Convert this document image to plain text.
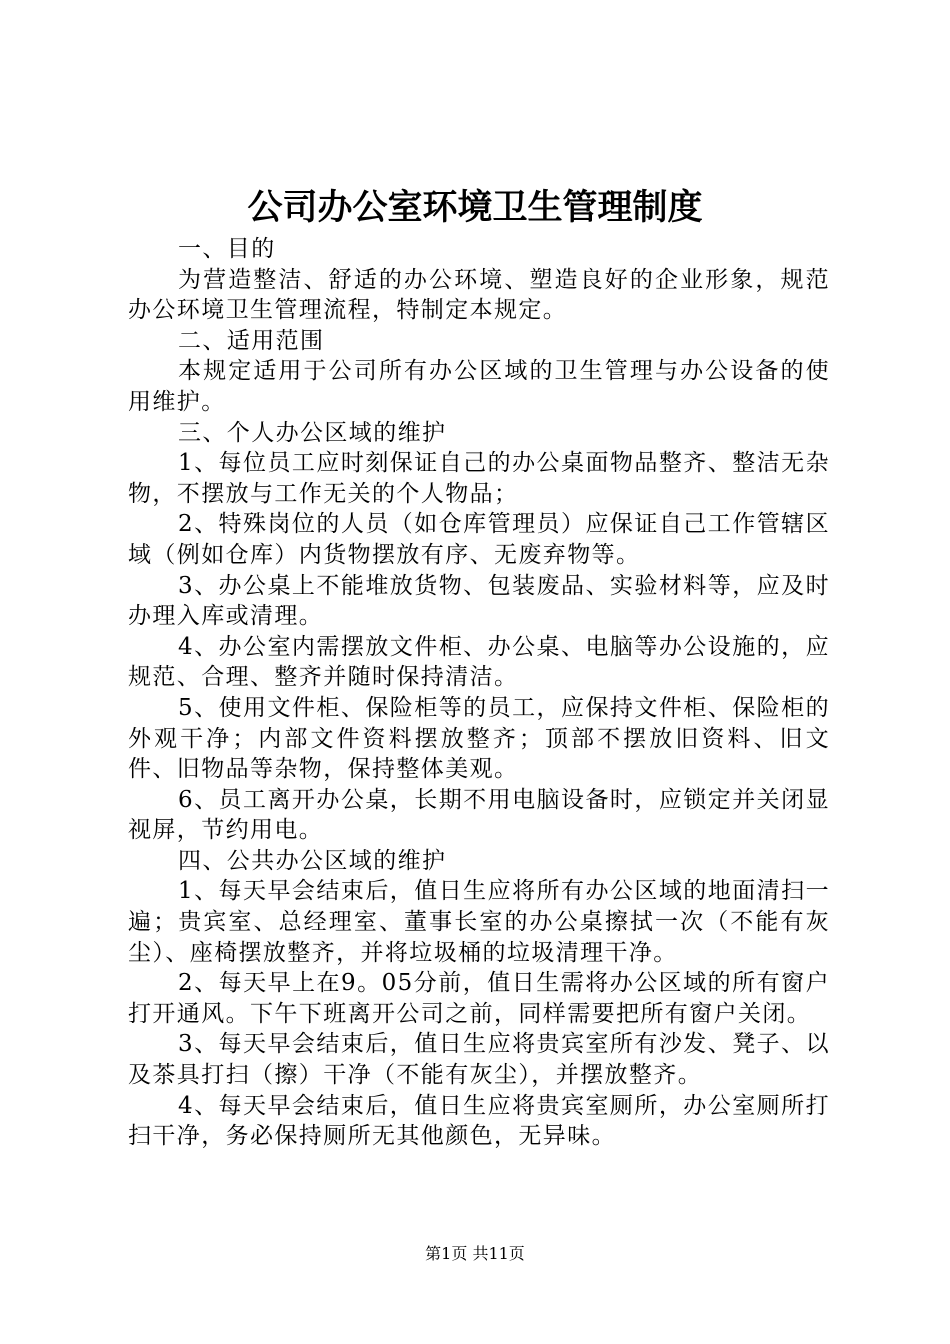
公司办公室环境卫生管理制度

一、目的

为营造整洁、舒适的办公环境、塑造良好的企业形象，规范办公环境卫生管理流程，特制定本规定。

二、适用范围

本规定适用于公司所有办公区域的卫生管理与办公设备的使用维护。

三、个人办公区域的维护

1、每位员工应时刻保证自己的办公桌面物品整齐、整洁无杂物，不摆放与工作无关的个人物品；

2、特殊岗位的人员（如仓库管理员）应保证自己工作管辖区域（例如仓库）内货物摆放有序、无废弃物等。

3、办公桌上不能堆放货物、包装废品、实验材料等，应及时办理入库或清理。

4、办公室内需摆放文件柜、办公桌、电脑等办公设施的，应规范、合理、整齐并随时保持清洁。

5、使用文件柜、保险柜等的员工，应保持文件柜、保险柜的外观干净；内部文件资料摆放整齐；顶部不摆放旧资料、旧文件、旧物品等杂物，保持整体美观。

6、员工离开办公桌，长期不用电脑设备时，应锁定并关闭显视屏，节约用电。

四、公共办公区域的维护

1、每天早会结束后，值日生应将所有办公区域的地面清扫一遍；贵宾室、总经理室、董事长室的办公桌擦拭一次（不能有灰尘）、座椅摆放整齐，并将垃圾桶的垃圾清理干净。

2、每天早上在9。05分前，值日生需将办公区域的所有窗户打开通风。下午下班离开公司之前，同样需要把所有窗户关闭。

3、每天早会结束后，值日生应将贵宾室所有沙发、凳子、以及茶具打扫（擦）干净（不能有灰尘），并摆放整齐。

4、每天早会结束后，值日生应将贵宾室厕所，办公室厕所打扫干净，务必保持厕所无其他颜色，无异味。

第1页 共11页
